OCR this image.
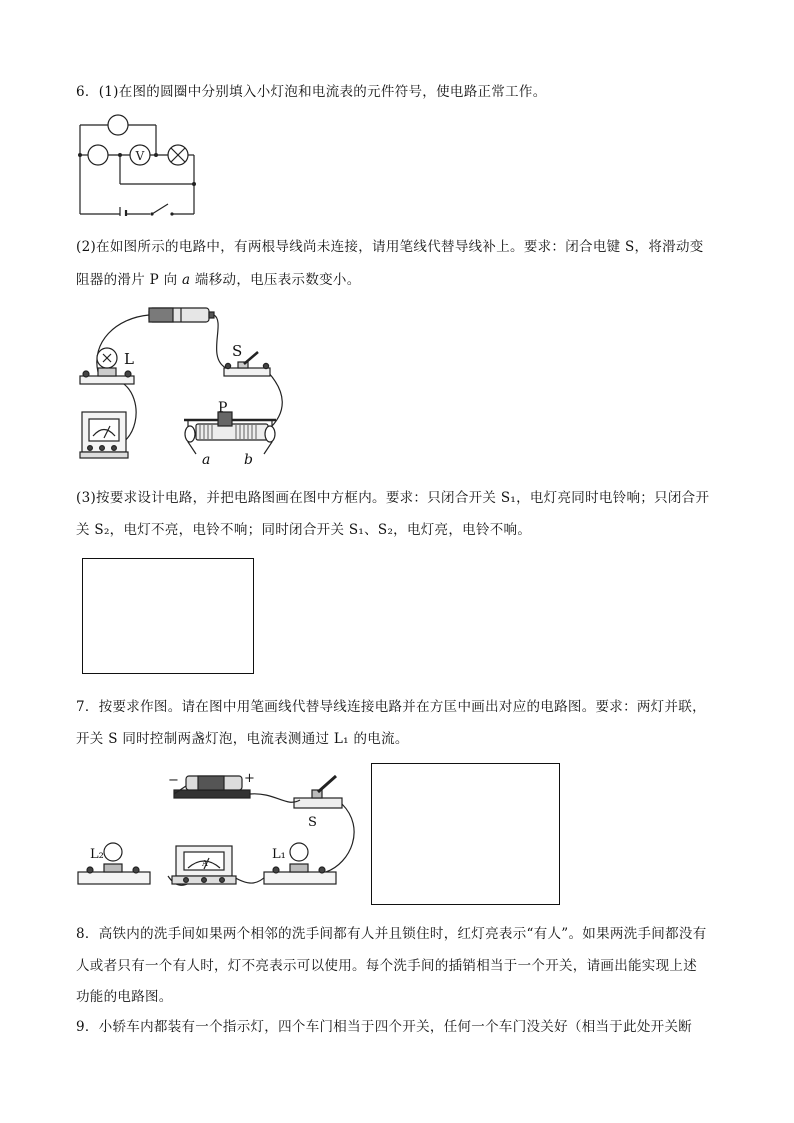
6．(1)在图的圆圈中分别填入小灯泡和电流表的元件符号，使电路正常工作。
V
(2)在如图所示的电路中，有两根导线尚未连接，请用笔线代替导线补上。要求：闭合电键 S，将滑动变
阻器的滑片 P 向 a 端移动，电压表示数变小。
L	S
P
a b
(3)按要求设计电路，并把电路图画在图中方框内。要求：只闭合开关 S₁，电灯亮同时电铃响；只闭合开
关 S₂，电灯不亮，电铃不响；同时闭合开关 S₁、S₂，电灯亮，电铃不响。
7．按要求作图。请在图中用笔画线代替导线连接电路并在方匡中画出对应的电路图。要求：两灯并联，
开关 S 同时控制两盏灯泡，电流表测通过 L₁ 的电流。
−	+
S
L₂	L₁
A
8．高铁内的洗手间如果两个相邻的洗手间都有人并且锁住时，红灯亮表示“有人”。如果两洗手间都没有
人或者只有一个有人时，灯不亮表示可以使用。每个洗手间的插销相当于一个开关，请画出能实现上述
功能的电路图。
9．小轿车内都装有一个指示灯，四个车门相当于四个开关，任何一个车门没关好（相当于此处开关断
